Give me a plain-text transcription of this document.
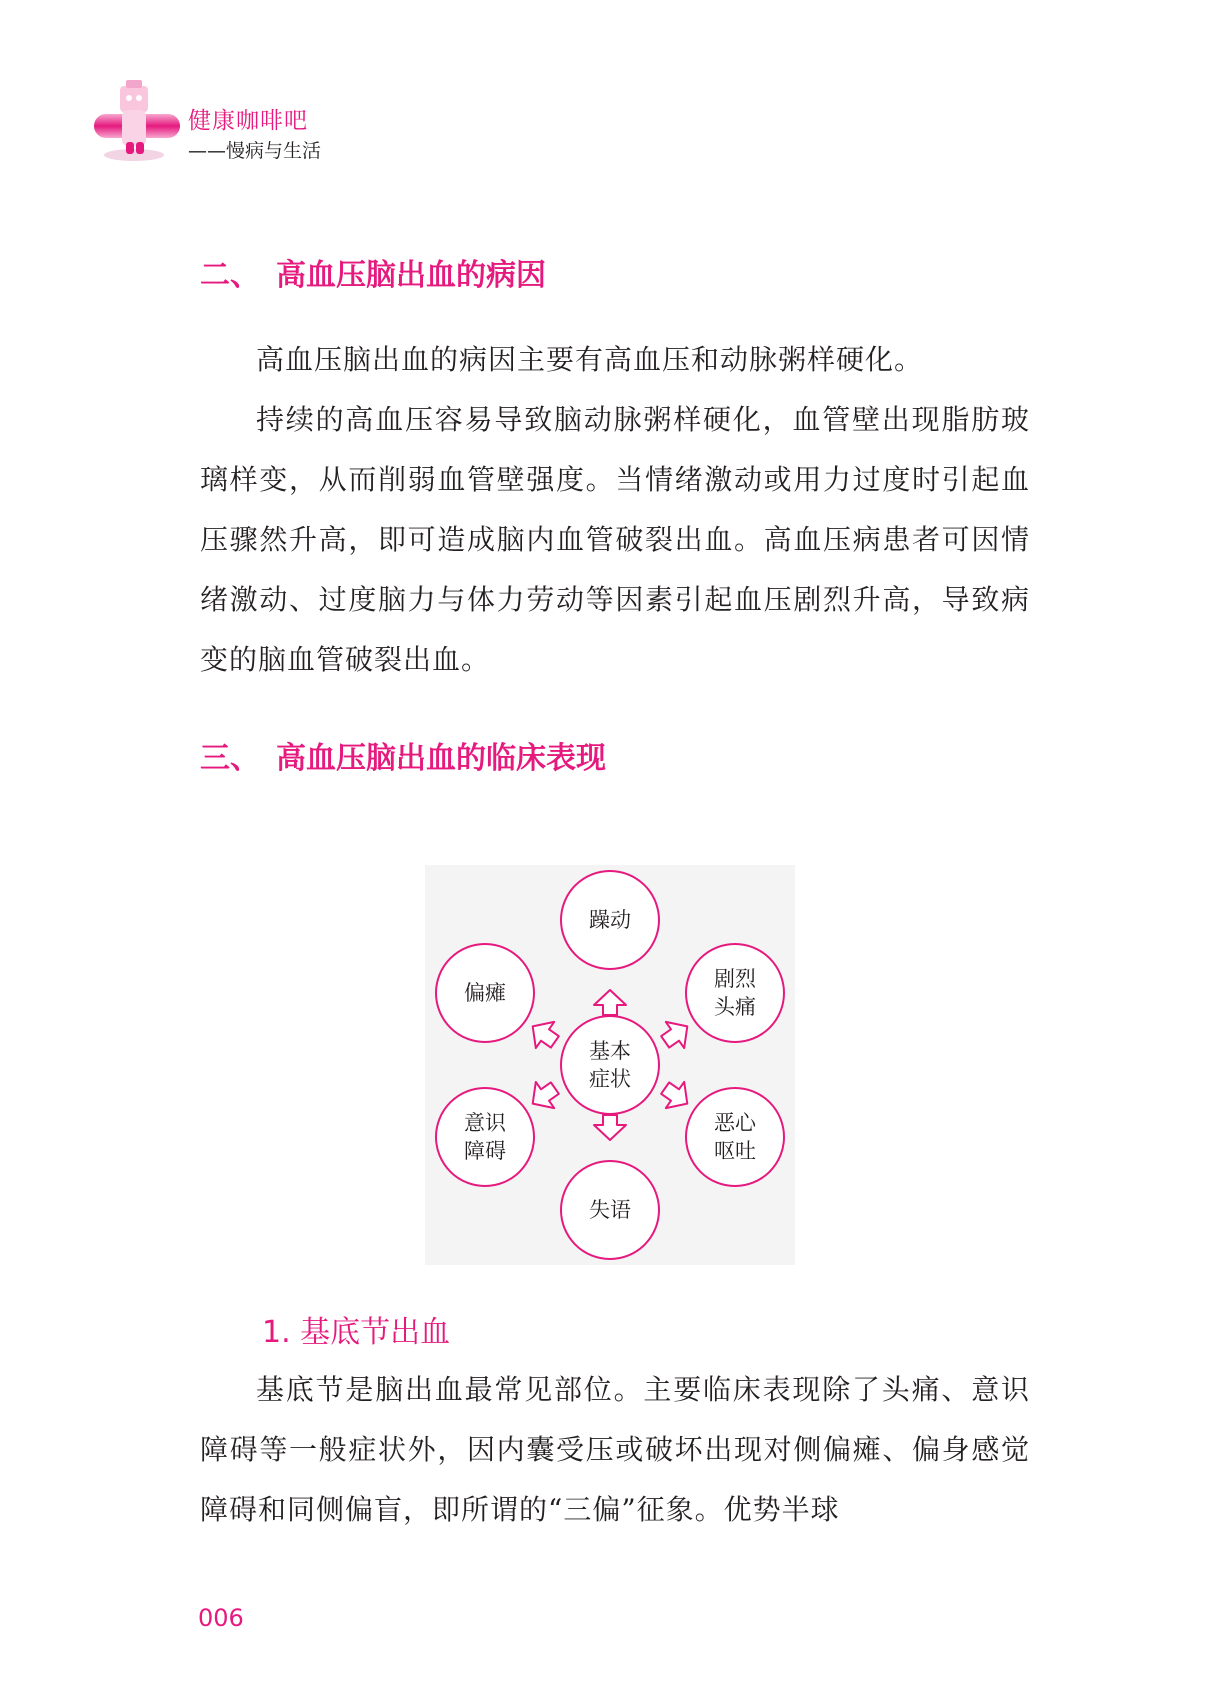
健康咖啡吧
——慢病与生活
二、 高血压脑出血的病因

高血压脑出血的病因主要有高血压和动脉粥样硬化。

持续的高血压容易导致脑动脉粥样硬化，血管壁出现脂肪玻璃样变，从而削弱血管壁强度。当情绪激动或用力过度时引起血压骤然升高，即可造成脑内血管破裂出血。高血压病患者可因情绪激动、过度脑力与体力劳动等因素引起血压剧烈升高，导致病变的脑血管破裂出血。

三、 高血压脑出血的临床表现
躁动
剧烈
头痛
恶心
呕吐
失语
意识
障碍
偏瘫
基本
症状
1. 基底节出血

基底节是脑出血最常见部位。主要临床表现除了头痛、意识障碍等一般症状外，因内囊受压或破坏出现对侧偏瘫、偏身感觉障碍和同侧偏盲，即所谓的“三偏”征象。优势半球

006
